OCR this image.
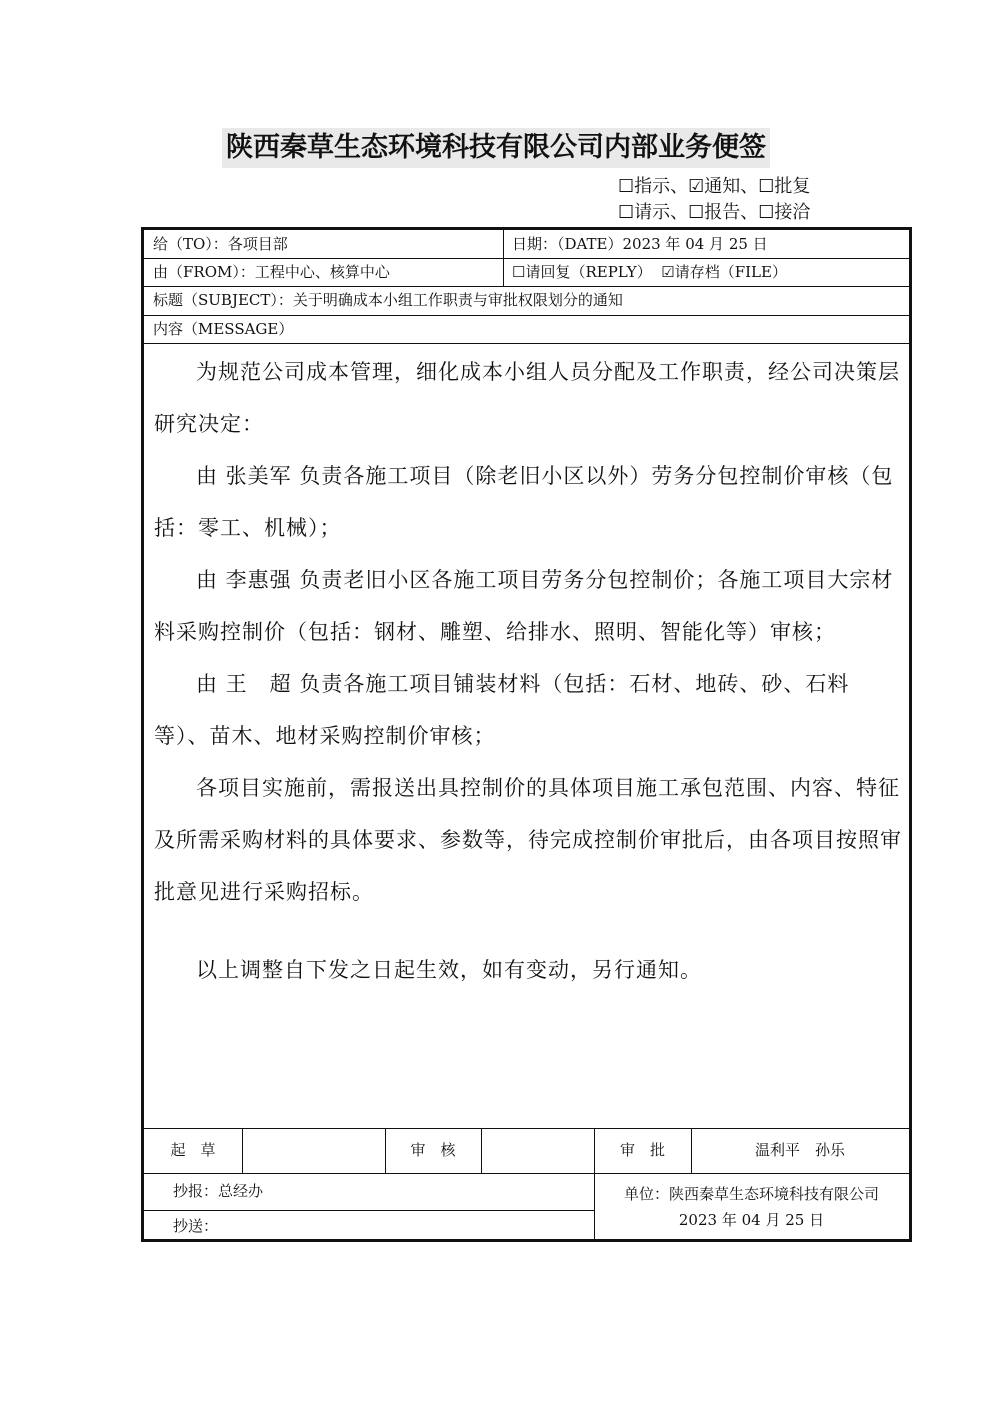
陕西秦草生态环境科技有限公司内部业务便签
☐指示、☑通知、☐批复
☐请示、☐报告、☐接洽
给（TO）：各项目部	日期：（DATE）2023 年 04 月 25 日
由（FROM）：工程中心、核算中心	☐请回复（REPLY） ☑请存档（FILE）
标题（SUBJECT）：关于明确成本小组工作职责与审批权限划分的通知
内容（MESSAGE）

为规范公司成本管理，细化成本小组人员分配及工作职责，经公司决策层研究决定：

由 张美军 负责各施工项目（除老旧小区以外）劳务分包控制价审核（包括：零工、机械）；

由 李惠强 负责老旧小区各施工项目劳务分包控制价；各施工项目大宗材料采购控制价（包括：钢材、雕塑、给排水、照明、智能化等）审核；

由 王　超 负责各施工项目铺装材料（包括：石材、地砖、砂、石料等）、苗木、地材采购控制价审核；

各项目实施前，需报送出具控制价的具体项目施工承包范围、内容、特征及所需采购材料的具体要求、参数等，待完成控制价审批后，由各项目按照审批意见进行采购招标。

以上调整自下发之日起生效，如有变动，另行通知。

起　草	审　核	审　批	温利平　孙乐
抄报：总经办
抄送：
单位：陕西秦草生态环境科技有限公司
2023 年 04 月 25 日
